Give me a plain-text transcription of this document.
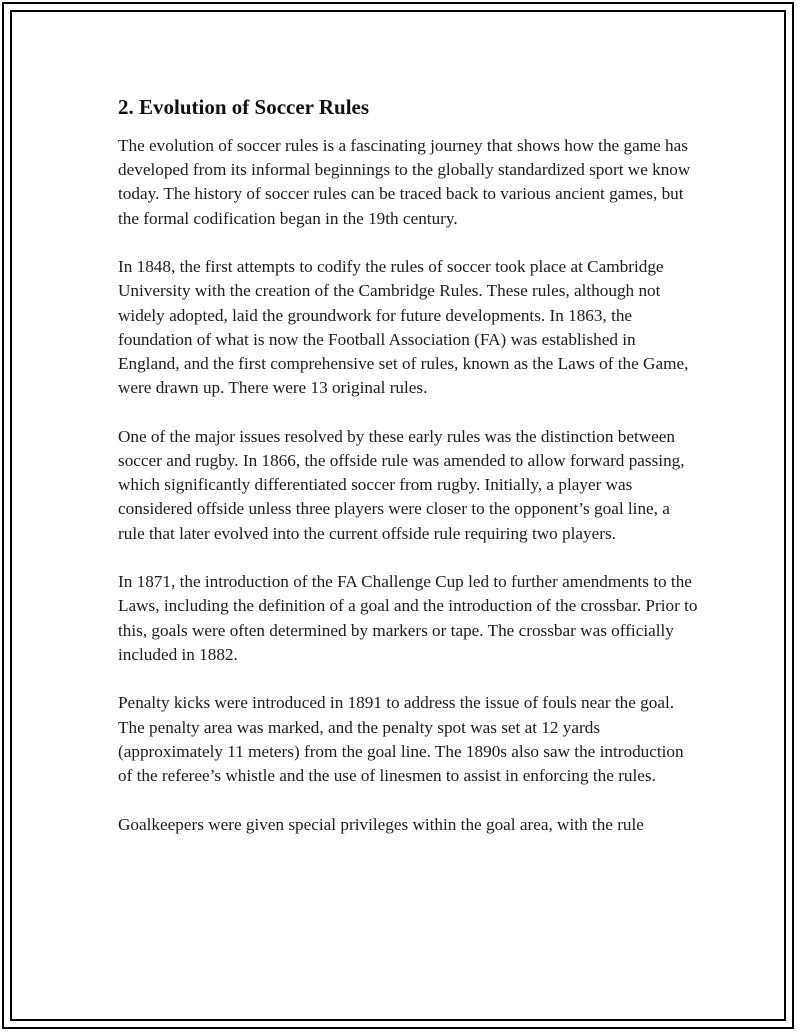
2. Evolution of Soccer Rules

The evolution of soccer rules is a fascinating journey that shows how the game has developed from its informal beginnings to the globally standardized sport we know today. The history of soccer rules can be traced back to various ancient games, but the formal codification began in the 19th century.

In 1848, the first attempts to codify the rules of soccer took place at Cambridge University with the creation of the Cambridge Rules. These rules, although not widely adopted, laid the groundwork for future developments. In 1863, the foundation of what is now the Football Association (FA) was established in England, and the first comprehensive set of rules, known as the Laws of the Game, were drawn up. There were 13 original rules.

One of the major issues resolved by these early rules was the distinction between soccer and rugby. In 1866, the offside rule was amended to allow forward passing, which significantly differentiated soccer from rugby. Initially, a player was considered offside unless three players were closer to the opponent’s goal line, a rule that later evolved into the current offside rule requiring two players.

In 1871, the introduction of the FA Challenge Cup led to further amendments to the Laws, including the definition of a goal and the introduction of the crossbar. Prior to this, goals were often determined by markers or tape. The crossbar was officially included in 1882.

Penalty kicks were introduced in 1891 to address the issue of fouls near the goal. The penalty area was marked, and the penalty spot was set at 12 yards (approximately 11 meters) from the goal line. The 1890s also saw the introduction of the referee’s whistle and the use of linesmen to assist in enforcing the rules.

Goalkeepers were given special privileges within the goal area, with the rule
